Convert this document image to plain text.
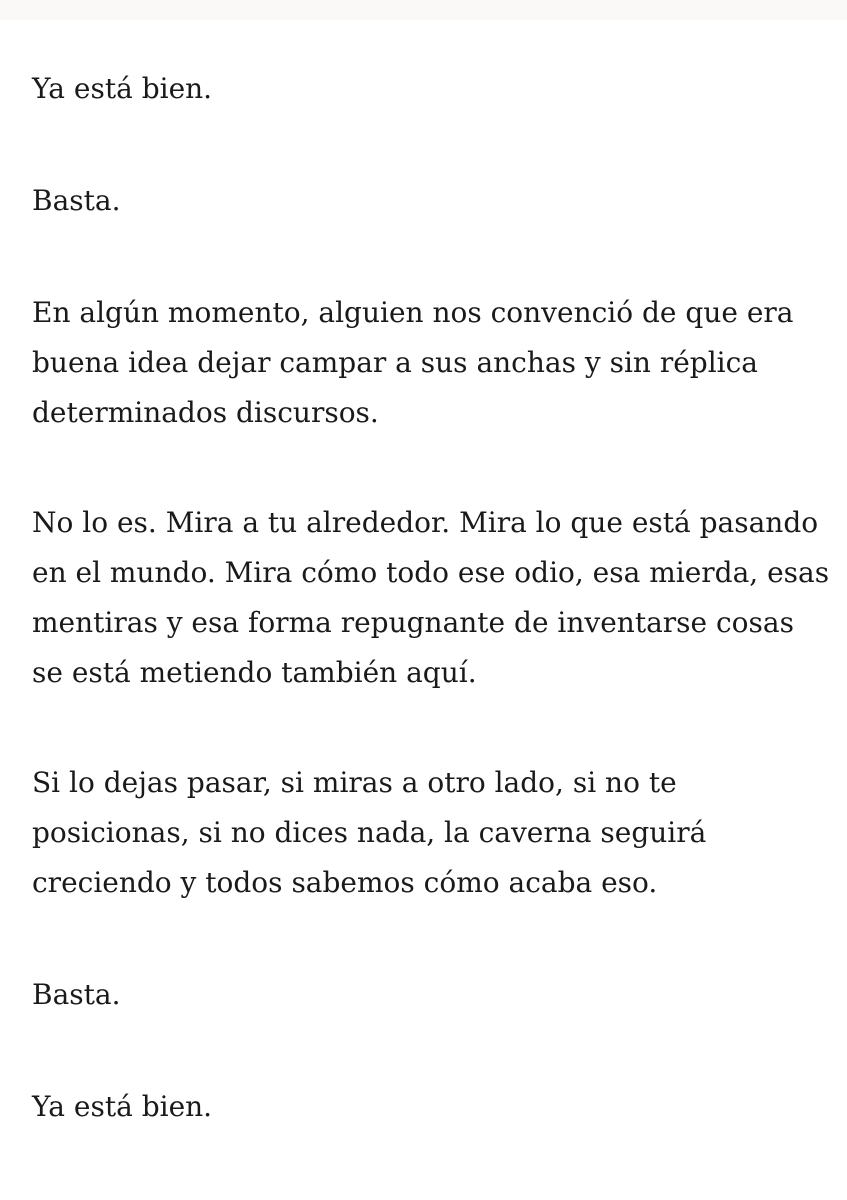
Ya está bien.

Basta.

En algún momento, alguien nos convenció de que era
buena idea dejar campar a sus anchas y sin réplica
determinados discursos.

No lo es. Mira a tu alrededor. Mira lo que está pasando
en el mundo. Mira cómo todo ese odio, esa mierda, esas
mentiras y esa forma repugnante de inventarse cosas
se está metiendo también aquí.

Si lo dejas pasar, si miras a otro lado, si no te
posicionas, si no dices nada, la caverna seguirá
creciendo y todos sabemos cómo acaba eso.

Basta.

Ya está bien.
